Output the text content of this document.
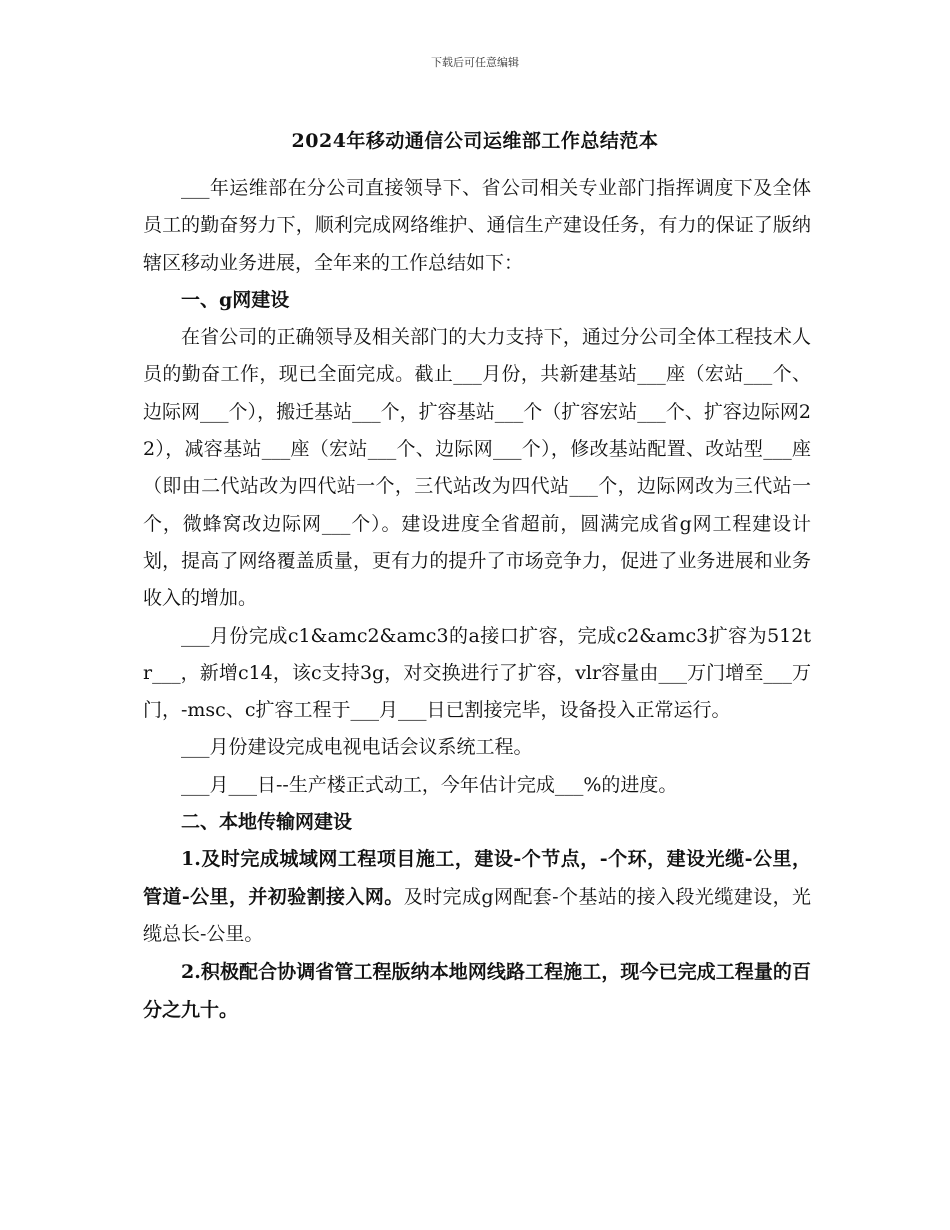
下载后可任意编辑
2024年移动通信公司运维部工作总结范本

___年运维部在分公司直接领导下、省公司相关专业部门指挥调度下及全体员工的勤奋努力下，顺利完成网络维护、通信生产建设任务，有力的保证了版纳辖区移动业务进展，全年来的工作总结如下：

一、g网建设

在省公司的正确领导及相关部门的大力支持下，通过分公司全体工程技术人员的勤奋工作，现已全面完成。截止___月份，共新建基站___座（宏站___个、边际网___个），搬迁基站___个，扩容基站___个（扩容宏站___个、扩容边际网22），减容基站___座（宏站___个、边际网___个），修改基站配置、改站型___座（即由二代站改为四代站一个，三代站改为四代站___个，边际网改为三代站一个，微蜂窝改边际网___个）。建设进度全省超前，圆满完成省g网工程建设计划，提高了网络覆盖质量，更有力的提升了市场竞争力，促进了业务进展和业务收入的增加。

___月份完成c1&amc2&amc3的a接口扩容，完成c2&amc3扩容为512tr___，新增c14，该c支持3g，对交换进行了扩容，vlr容量由___万门增至___万门，-msc、c扩容工程于___月___日已割接完毕，设备投入正常运行。

___月份建设完成电视电话会议系统工程。

___月___日--生产楼正式动工，今年估计完成___%的进度。

二、本地传输网建设

1.及时完成城域网工程项目施工，建设-个节点，-个环，建设光缆-公里，管道-公里，并初验割接入网。及时完成g网配套-个基站的接入段光缆建设，光缆总长-公里。

2.积极配合协调省管工程版纳本地网线路工程施工，现今已完成工程量的百分之九十。
